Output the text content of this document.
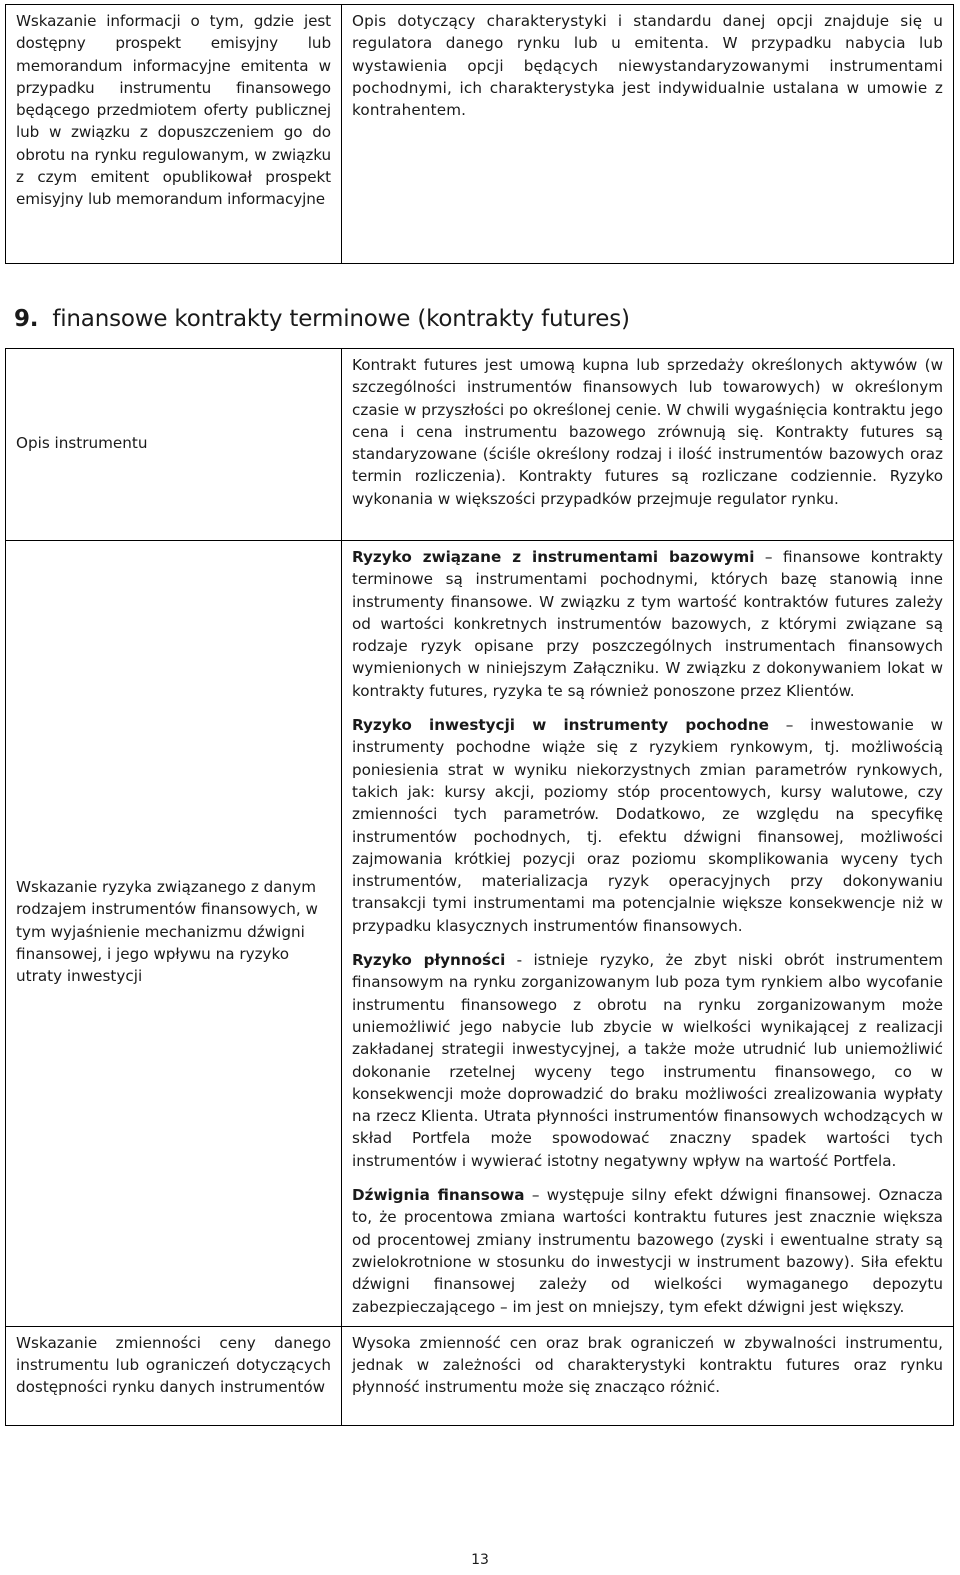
Wskazanie informacji o tym, gdzie jest dostępny prospekt emisyjny lub memorandum informacyjne emitenta w przypadku instrumentu finansowego będącego przedmiotem oferty publicznej lub w związku z dopuszczeniem go do obrotu na rynku regulowanym, w związku z czym emitent opublikował prospekt emisyjny lub memorandum informacyjne	Opis dotyczący charakterystyki i standardu danej opcji znajduje się u regulatora danego rynku lub u emitenta. W przypadku nabycia lub wystawienia opcji będących niewystandaryzowanymi instrumentami pochodnymi, ich charakterystyka jest indywidualnie ustalana w umowie z kontrahentem.
9. finansowe kontrakty terminowe (kontrakty futures)
Opis instrumentu	Kontrakt futures jest umową kupna lub sprzedaży określonych aktywów (w szczególności instrumentów finansowych lub towarowych) w określonym czasie w przyszłości po określonej cenie. W chwili wygaśnięcia kontraktu jego cena i cena instrumentu bazowego zrównują się. Kontrakty futures są standaryzowane (ściśle określony rodzaj i ilość instrumentów bazowych oraz termin rozliczenia). Kontrakty futures są rozliczane codziennie. Ryzyko wykonania w większości przypadków przejmuje regulator rynku.
Wskazanie ryzyka związanego z danym rodzajem instrumentów finansowych, w tym wyjaśnienie mechanizmu dźwigni finansowej, i jego wpływu na ryzyko utraty inwestycji	Ryzyko związane z instrumentami bazowymi – finansowe kontrakty terminowe są instrumentami pochodnymi, których bazę stanowią inne instrumenty finansowe. W związku z tym wartość kontraktów futures zależy od wartości konkretnych instrumentów bazowych, z którymi związane są rodzaje ryzyk opisane przy poszczególnych instrumentach finansowych wymienionych w niniejszym Załączniku. W związku z dokonywaniem lokat w kontrakty futures, ryzyka te są również ponoszone przez Klientów.

Ryzyko inwestycji w instrumenty pochodne – inwestowanie w instrumenty pochodne wiąże się z ryzykiem rynkowym, tj. możliwością poniesienia strat w wyniku niekorzystnych zmian parametrów rynkowych, takich jak: kursy akcji, poziomy stóp procentowych, kursy walutowe, czy zmienności tych parametrów. Dodatkowo, ze względu na specyfikę instrumentów pochodnych, tj. efektu dźwigni finansowej, możliwości zajmowania krótkiej pozycji oraz poziomu skomplikowania wyceny tych instrumentów, materializacja ryzyk operacyjnych przy dokonywaniu transakcji tymi instrumentami ma potencjalnie większe konsekwencje niż w przypadku klasycznych instrumentów finansowych.

Ryzyko płynności - istnieje ryzyko, że zbyt niski obrót instrumentem finansowym na rynku zorganizowanym lub poza tym rynkiem albo wycofanie instrumentu finansowego z obrotu na rynku zorganizowanym może uniemożliwić jego nabycie lub zbycie w wielkości wynikającej z realizacji zakładanej strategii inwestycyjnej, a także może utrudnić lub uniemożliwić dokonanie rzetelnej wyceny tego instrumentu finansowego, co w konsekwencji może doprowadzić do braku możliwości zrealizowania wypłaty na rzecz Klienta. Utrata płynności instrumentów finansowych wchodzących w skład Portfela może spowodować znaczny spadek wartości tych instrumentów i wywierać istotny negatywny wpływ na wartość Portfela.

Dźwignia finansowa – występuje silny efekt dźwigni finansowej. Oznacza to, że procentowa zmiana wartości kontraktu futures jest znacznie większa od procentowej zmiany instrumentu bazowego (zyski i ewentualne straty są zwielokrotnione w stosunku do inwestycji w instrument bazowy). Siła efektu dźwigni finansowej zależy od wielkości wymaganego depozytu zabezpieczającego – im jest on mniejszy, tym efekt dźwigni jest większy.

Wskazanie zmienności ceny danego instrumentu lub ograniczeń dotyczących dostępności rynku danych instrumentów	Wysoka zmienność cen oraz brak ograniczeń w zbywalności instrumentu, jednak w zależności od charakterystyki kontraktu futures oraz rynku płynność instrumentu może się znacząco różnić.
13
